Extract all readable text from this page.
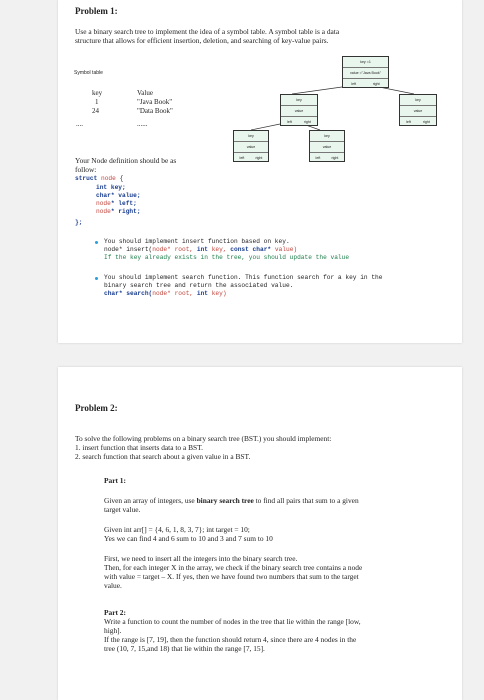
Problem 1:
Use a binary search tree to implement the idea of a symbol table. A symbol table is a data
structure that allows for efficient insertion, deletion, and searching of key-value pairs.
Symbol table
key	Value
1	"Java Book"
24	"Data Book"
....	......
key =1
value ="Java Book"
left	right
key
value
left	right
key
value
left	right
key
value
left	right
key
value
left	right
Your Node definition should be as
follow:
struct node {
int key;
char* value;
node* left;
node* right;
};
You should implement insert function based on key.
node* insert(node* root, int key, const char* value)
If the key already exists in the tree, you should update the value
You should implement search function. This function search for a key in the
binary search tree and return the associated value.
char* search(node* root, int key)
Problem 2:
To solve the following problems on a binary search tree (BST.) you should implement:
1. insert function that inserts data to a BST.
2. search function that search about a given value in a BST.
Part 1:
Given an array of integers, use binary search tree to find all pairs that sum to a given
target value.
Given int arr[] = {4, 6, 1, 8, 3, 7}; int target = 10;
Yes we can find 4 and 6 sum to 10 and 3 and 7 sum to 10
First, we need to insert all the integers into the binary search tree.
Then, for each integer X in the array, we check if the binary search tree contains a node
with value = target – X. If yes, then we have found two numbers that sum to the target
value.
Part 2:
Write a function to count the number of nodes in the tree that lie within the range [low,
high].
If the range is [7, 19], then the function should return 4, since there are 4 nodes in the
tree (10, 7, 15,and 18) that lie within the range [7, 15].
